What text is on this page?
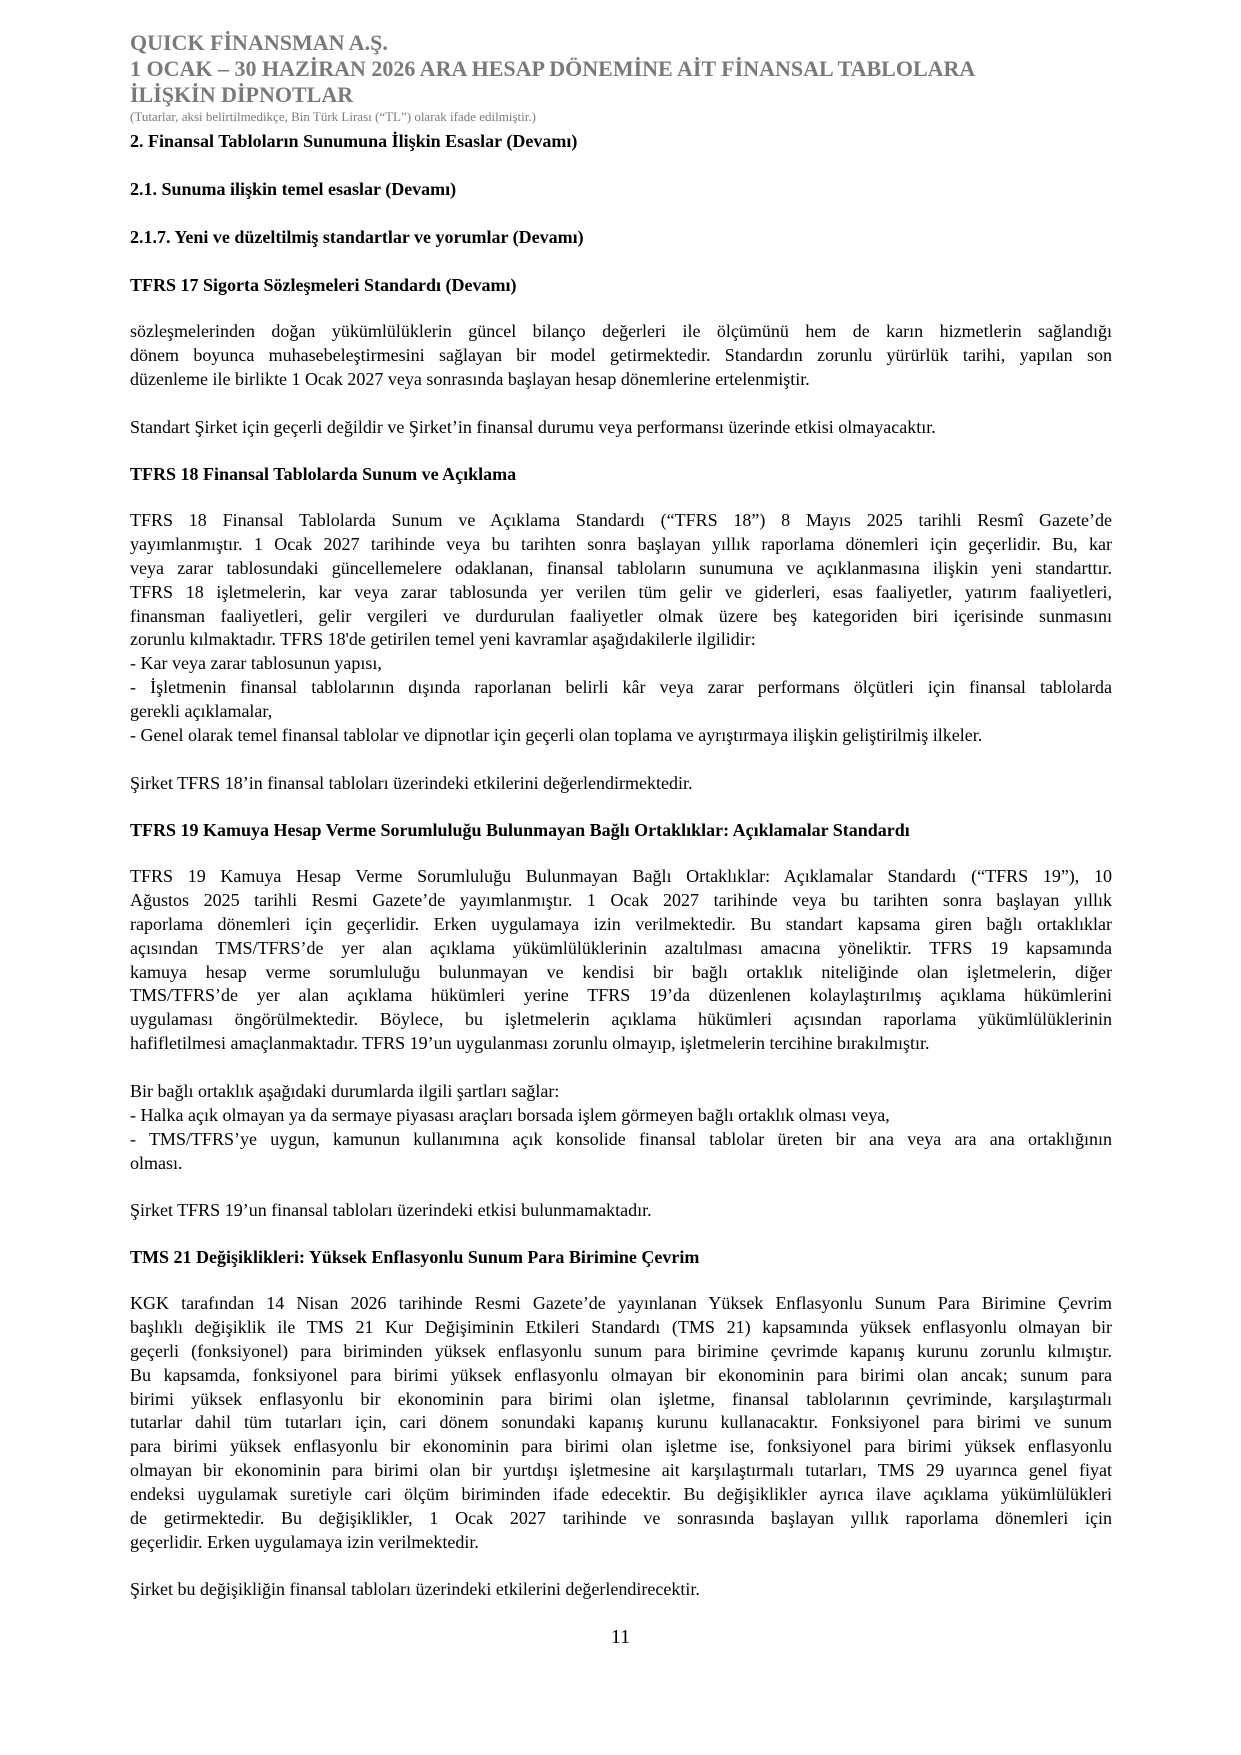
QUICK FİNANSMAN A.Ş.
1 OCAK – 30 HAZİRAN 2026 ARA HESAP DÖNEMİNE AİT FİNANSAL TABLOLARA
İLİŞKİN DİPNOTLAR
(Tutarlar, aksi belirtilmedikçe, Bin Türk Lirası (“TL”) olarak ifade edilmiştir.)
2. Finansal Tabloların Sunumuna İlişkin Esaslar (Devamı)
2.1. Sunuma ilişkin temel esaslar (Devamı)
2.1.7. Yeni ve düzeltilmiş standartlar ve yorumlar (Devamı)
TFRS 17 Sigorta Sözleşmeleri Standardı (Devamı)
sözleşmelerinden doğan yükümlülüklerin güncel bilanço değerleri ile ölçümünü hem de karın hizmetlerin sağlandığı
dönem boyunca muhasebeleştirmesini sağlayan bir model getirmektedir. Standardın zorunlu yürürlük tarihi, yapılan son
düzenleme ile birlikte 1 Ocak 2027 veya sonrasında başlayan hesap dönemlerine ertelenmiştir.
Standart Şirket için geçerli değildir ve Şirket’in finansal durumu veya performansı üzerinde etkisi olmayacaktır.
TFRS 18 Finansal Tablolarda Sunum ve Açıklama
TFRS 18 Finansal Tablolarda Sunum ve Açıklama Standardı (“TFRS 18”) 8 Mayıs 2025 tarihli Resmî Gazete’de
yayımlanmıştır. 1 Ocak 2027 tarihinde veya bu tarihten sonra başlayan yıllık raporlama dönemleri için geçerlidir. Bu, kar
veya zarar tablosundaki güncellemelere odaklanan, finansal tabloların sunumuna ve açıklanmasına ilişkin yeni standarttır.
TFRS 18 işletmelerin, kar veya zarar tablosunda yer verilen tüm gelir ve giderleri, esas faaliyetler, yatırım faaliyetleri,
finansman faaliyetleri, gelir vergileri ve durdurulan faaliyetler olmak üzere beş kategoriden biri içerisinde sunmasını
zorunlu kılmaktadır. TFRS 18'de getirilen temel yeni kavramlar aşağıdakilerle ilgilidir:
- Kar veya zarar tablosunun yapısı,
- İşletmenin finansal tablolarının dışında raporlanan belirli kâr veya zarar performans ölçütleri için finansal tablolarda
gerekli açıklamalar,
- Genel olarak temel finansal tablolar ve dipnotlar için geçerli olan toplama ve ayrıştırmaya ilişkin geliştirilmiş ilkeler.
Şirket TFRS 18’in finansal tabloları üzerindeki etkilerini değerlendirmektedir.
TFRS 19 Kamuya Hesap Verme Sorumluluğu Bulunmayan Bağlı Ortaklıklar: Açıklamalar Standardı
TFRS 19 Kamuya Hesap Verme Sorumluluğu Bulunmayan Bağlı Ortaklıklar: Açıklamalar Standardı (“TFRS 19”), 10
Ağustos 2025 tarihli Resmi Gazete’de yayımlanmıştır. 1 Ocak 2027 tarihinde veya bu tarihten sonra başlayan yıllık
raporlama dönemleri için geçerlidir. Erken uygulamaya izin verilmektedir. Bu standart kapsama giren bağlı ortaklıklar
açısından TMS/TFRS’de yer alan açıklama yükümlülüklerinin azaltılması amacına yöneliktir. TFRS 19 kapsamında
kamuya hesap verme sorumluluğu bulunmayan ve kendisi bir bağlı ortaklık niteliğinde olan işletmelerin, diğer
TMS/TFRS’de yer alan açıklama hükümleri yerine TFRS 19’da düzenlenen kolaylaştırılmış açıklama hükümlerini
uygulaması öngörülmektedir. Böylece, bu işletmelerin açıklama hükümleri açısından raporlama yükümlülüklerinin
hafifletilmesi amaçlanmaktadır. TFRS 19’un uygulanması zorunlu olmayıp, işletmelerin tercihine bırakılmıştır.
Bir bağlı ortaklık aşağıdaki durumlarda ilgili şartları sağlar:
- Halka açık olmayan ya da sermaye piyasası araçları borsada işlem görmeyen bağlı ortaklık olması veya,
- TMS/TFRS’ye uygun, kamunun kullanımına açık konsolide finansal tablolar üreten bir ana veya ara ana ortaklığının
olması.
Şirket TFRS 19’un finansal tabloları üzerindeki etkisi bulunmamaktadır.
TMS 21 Değişiklikleri: Yüksek Enflasyonlu Sunum Para Birimine Çevrim
KGK tarafından 14 Nisan 2026 tarihinde Resmi Gazete’de yayınlanan Yüksek Enflasyonlu Sunum Para Birimine Çevrim
başlıklı değişiklik ile TMS 21 Kur Değişiminin Etkileri Standardı (TMS 21) kapsamında yüksek enflasyonlu olmayan bir
geçerli (fonksiyonel) para biriminden yüksek enflasyonlu sunum para birimine çevrimde kapanış kurunu zorunlu kılmıştır.
Bu kapsamda, fonksiyonel para birimi yüksek enflasyonlu olmayan bir ekonominin para birimi olan ancak; sunum para
birimi yüksek enflasyonlu bir ekonominin para birimi olan işletme, finansal tablolarının çevriminde, karşılaştırmalı
tutarlar dahil tüm tutarları için, cari dönem sonundaki kapanış kurunu kullanacaktır. Fonksiyonel para birimi ve sunum
para birimi yüksek enflasyonlu bir ekonominin para birimi olan işletme ise, fonksiyonel para birimi yüksek enflasyonlu
olmayan bir ekonominin para birimi olan bir yurtdışı işletmesine ait karşılaştırmalı tutarları, TMS 29 uyarınca genel fiyat
endeksi uygulamak suretiyle cari ölçüm biriminden ifade edecektir. Bu değişiklikler ayrıca ilave açıklama yükümlülükleri
de getirmektedir. Bu değişiklikler, 1 Ocak 2027 tarihinde ve sonrasında başlayan yıllık raporlama dönemleri için
geçerlidir. Erken uygulamaya izin verilmektedir.
Şirket bu değişikliğin finansal tabloları üzerindeki etkilerini değerlendirecektir.
11
